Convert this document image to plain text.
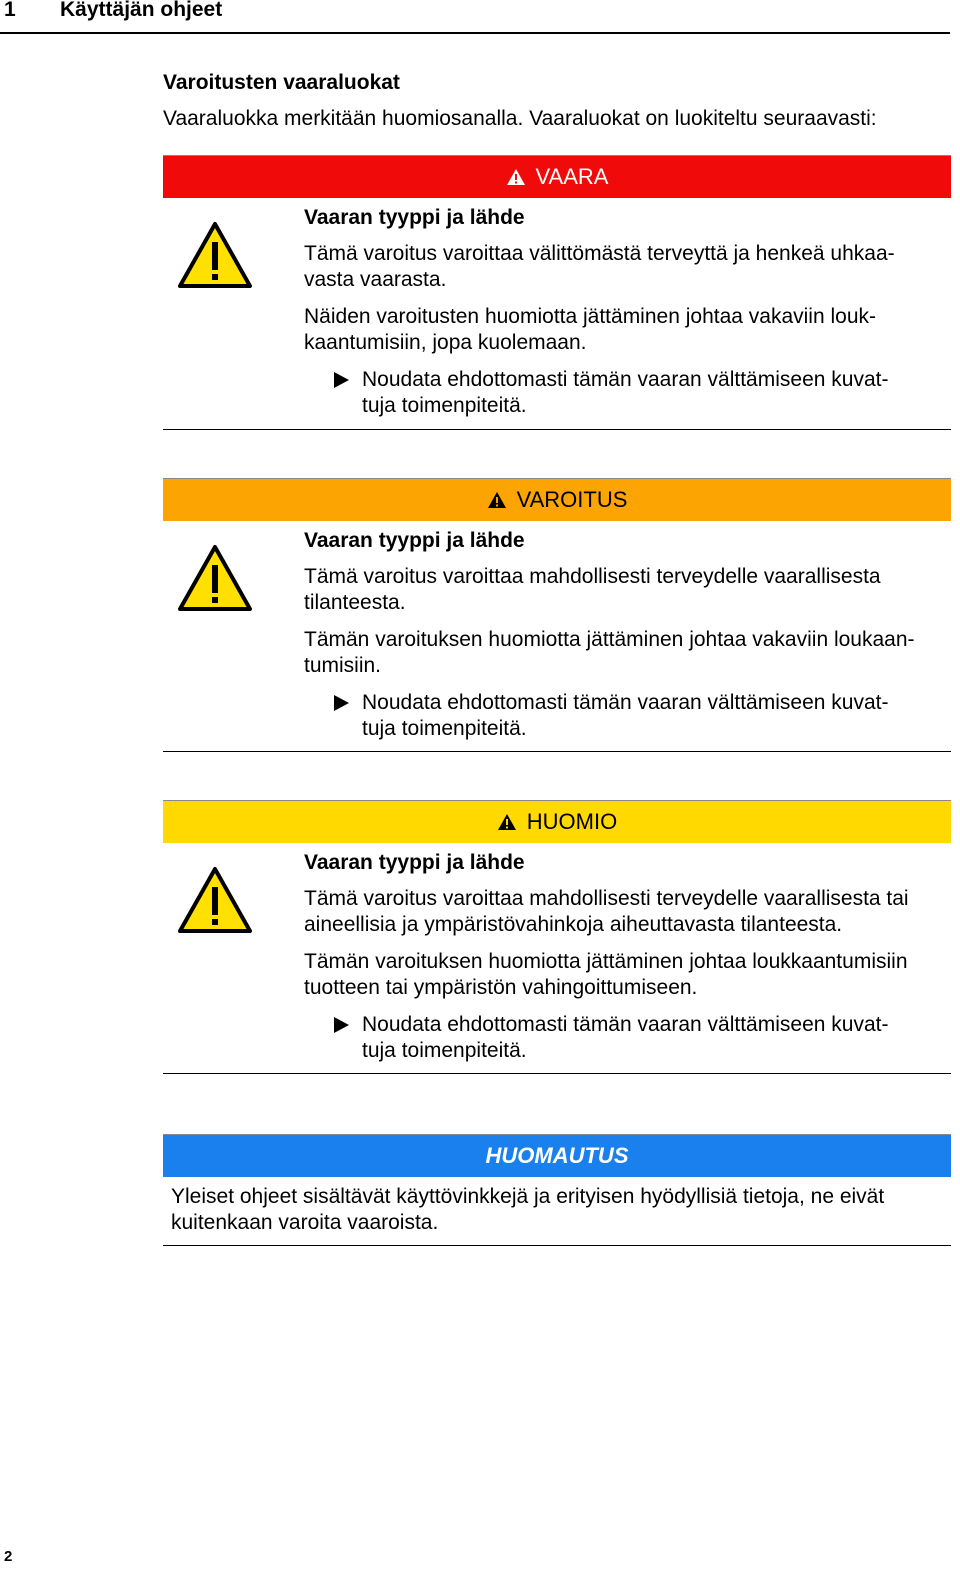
1 Käyttäjän ohjeet
Varoitusten vaaraluokat
Vaaraluokka merkitään huomiosanalla. Vaaraluokat on luokiteltu seuraavasti:
VAARA
Vaaran tyyppi ja lähde

Tämä varoitus varoittaa välittömästä terveyttä ja henkeä uhkaa-
vasta vaarasta.

Näiden varoitusten huomiotta jättäminen johtaa vakaviin louk-
kaantumisiin, jopa kuolemaan.

Noudata ehdottomasti tämän vaaran välttämiseen kuvat-
tuja toimenpiteitä.
VAROITUS
Vaaran tyyppi ja lähde

Tämä varoitus varoittaa mahdollisesti terveydelle vaarallisesta
tilanteesta.

Tämän varoituksen huomiotta jättäminen johtaa vakaviin loukaan-
tumisiin.

Noudata ehdottomasti tämän vaaran välttämiseen kuvat-
tuja toimenpiteitä.
HUOMIO
Vaaran tyyppi ja lähde

Tämä varoitus varoittaa mahdollisesti terveydelle vaarallisesta tai
aineellisia ja ympäristövahinkoja aiheuttavasta tilanteesta.

Tämän varoituksen huomiotta jättäminen johtaa loukkaantumisiin
tuotteen tai ympäristön vahingoittumiseen.

Noudata ehdottomasti tämän vaaran välttämiseen kuvat-
tuja toimenpiteitä.
HUOMAUTUS
Yleiset ohjeet sisältävät käyttövinkkejä ja erityisen hyödyllisiä tietoja, ne eivät
kuitenkaan varoita vaaroista.
2
